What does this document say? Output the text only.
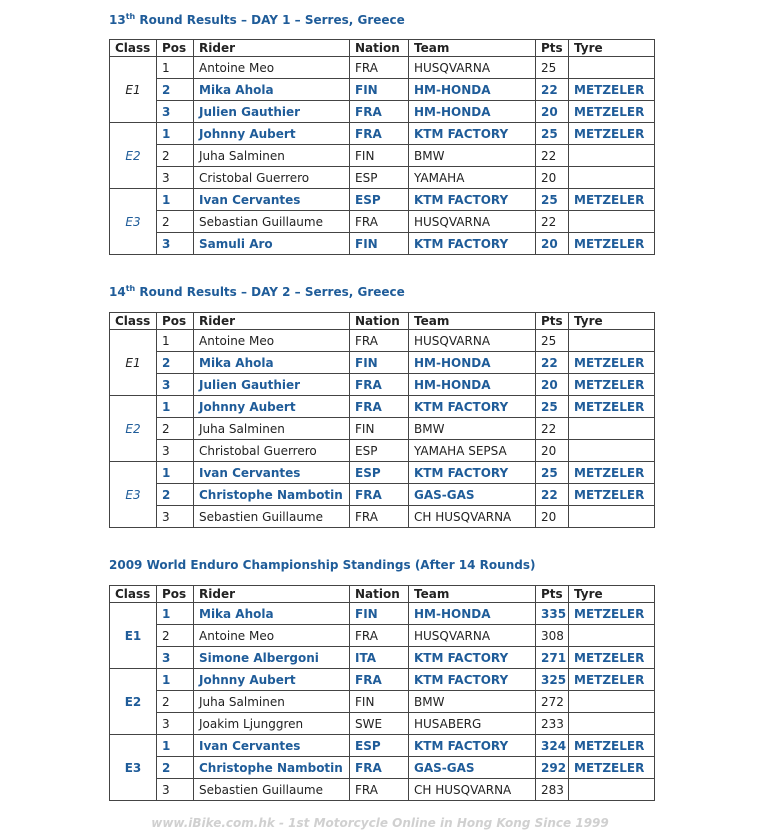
13th Round Results – DAY 1 – Serres, Greece
Class	Pos	Rider	Nation	Team	Pts	Tyre
E1	1	Antoine Meo	FRA	HUSQVARNA	25	
	2	Mika Ahola	FIN	HM-HONDA	22	METZELER
	3	Julien Gauthier	FRA	HM-HONDA	20	METZELER
E2	1	Johnny Aubert	FRA	KTM FACTORY	25	METZELER
	2	Juha Salminen	FIN	BMW	22	
	3	Cristobal Guerrero	ESP	YAMAHA	20	
E3	1	Ivan Cervantes	ESP	KTM FACTORY	25	METZELER
	2	Sebastian Guillaume	FRA	HUSQVARNA	22	
	3	Samuli Aro	FIN	KTM FACTORY	20	METZELER
14th Round Results – DAY 2 – Serres, Greece
Class	Pos	Rider	Nation	Team	Pts	Tyre
E1	1	Antoine Meo	FRA	HUSQVARNA	25	
	2	Mika Ahola	FIN	HM-HONDA	22	METZELER
	3	Julien Gauthier	FRA	HM-HONDA	20	METZELER
E2	1	Johnny Aubert	FRA	KTM FACTORY	25	METZELER
	2	Juha Salminen	FIN	BMW	22	
	3	Christobal Guerrero	ESP	YAMAHA SEPSA	20	
E3	1	Ivan Cervantes	ESP	KTM FACTORY	25	METZELER
	2	Christophe Nambotin	FRA	GAS-GAS	22	METZELER
	3	Sebastien Guillaume	FRA	CH HUSQVARNA	20	
2009 World Enduro Championship Standings (After 14 Rounds)
Class	Pos	Rider	Nation	Team	Pts	Tyre
E1	1	Mika Ahola	FIN	HM-HONDA	335	METZELER
	2	Antoine Meo	FRA	HUSQVARNA	308	
	3	Simone Albergoni	ITA	KTM FACTORY	271	METZELER
E2	1	Johnny Aubert	FRA	KTM FACTORY	325	METZELER
	2	Juha Salminen	FIN	BMW	272	
	3	Joakim Ljunggren	SWE	HUSABERG	233	
E3	1	Ivan Cervantes	ESP	KTM FACTORY	324	METZELER
	2	Christophe Nambotin	FRA	GAS-GAS	292	METZELER
	3	Sebastien Guillaume	FRA	CH HUSQVARNA	283	
www.iBike.com.hk - 1st Motorcycle Online in Hong Kong Since 1999
